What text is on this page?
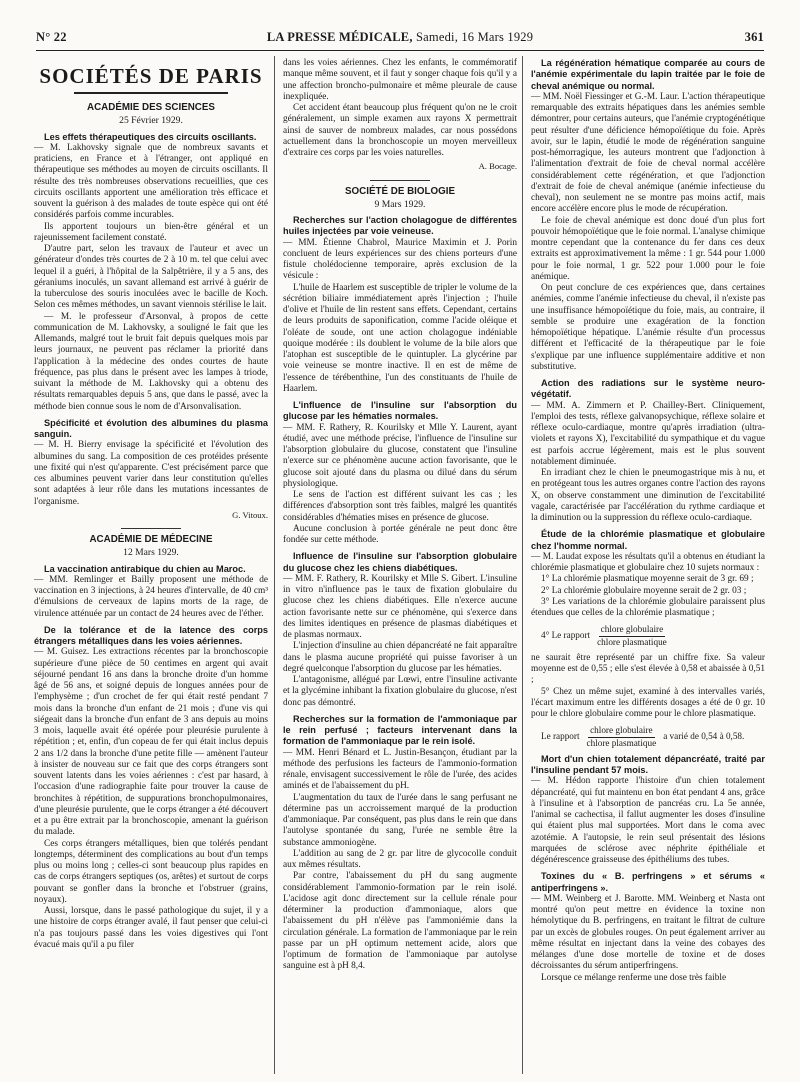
N° 22	LA PRESSE MÉDICALE, Samedi, 16 Mars 1929	361
SOCIÉTÉS DE PARIS
ACADÉMIE DES SCIENCES
25 Février 1929.
Les effets thérapeutiques des circuits oscillants.

— M. Lakhovsky signale que de nombreux savants et praticiens, en France et à l'étranger, ont appliqué en thérapeutique ses méthodes au moyen de circuits oscillants. Il résulte des très nombreuses observations recueillies, que ces circuits oscillants apportent une amélioration très efficace et souvent la guérison à des malades de toute espèce qui ont été considérés parfois comme incurables.

Ils apportent toujours un bien-être général et un rajeunissement facilement constaté.

D'autre part, selon les travaux de l'auteur et avec un générateur d'ondes très courtes de 2 à 10 m. tel que celui avec lequel il a guéri, à l'hôpital de la Salpêtrière, il y a 5 ans, des géraniums inoculés, un savant allemand est arrivé à guérir de la tuberculose des souris inoculées avec le bacille de Koch. Selon ces mêmes méthodes, un savant viennois stérilise le lait.

— M. le professeur d'Arsonval, à propos de cette communication de M. Lakhovsky, a souligné le fait que les Allemands, malgré tout le bruit fait depuis quelques mois par leurs journaux, ne peuvent pas réclamer la priorité dans l'application à la médecine des ondes courtes de haute fréquence, pas plus dans le présent avec les lampes à triode, suivant la méthode de M. Lakhovsky qui a obtenu des résultats remarquables depuis 5 ans, que dans le passé, avec la méthode bien connue sous le nom de d'Arsonvalisation.

Spécificité et évolution des albumines du plasma sanguin.

— M. H. Bierry envisage la spécificité et l'évolution des albumines du sang. La composition de ces protéides présente une fixité qui n'est qu'apparente. C'est précisément parce que ces albumines peuvent varier dans leur constitution qu'elles sont adaptées à leur rôle dans les mutations incessantes de l'organisme.

G. Vitoux.
ACADÉMIE DE MÉDECINE
12 Mars 1929.
La vaccination antirabique du chien au Maroc.

— MM. Remlinger et Bailly proposent une méthode de vaccination en 3 injections, à 24 heures d'intervalle, de 40 cm³ d'émulsions de cerveaux de lapins morts de la rage, de virulence atténuée par un contact de 24 heures avec de l'éther.

De la tolérance et de la latence des corps étrangers métalliques dans les voies aériennes.

— M. Guisez. Les extractions récentes par la bronchoscopie supérieure d'une pièce de 50 centimes en argent qui avait séjourné pendant 16 ans dans la bronche droite d'un homme âgé de 56 ans, et soigné depuis de longues années pour de l'emphysème ; d'un crochet de fer qui était resté pendant 7 mois dans la bronche d'un enfant de 21 mois ; d'une vis qui siégeait dans la bronche d'un enfant de 3 ans depuis au moins 3 mois, laquelle avait été opérée pour pleurésie purulente à répétition ; et, enfin, d'un copeau de fer qui était inclus depuis 2 ans 1/2 dans la bronche d'une petite fille — amènent l'auteur à insister de nouveau sur ce fait que des corps étrangers sont souvent latents dans les voies aériennes : c'est par hasard, à l'occasion d'une radiographie faite pour trouver la cause de bronchites à répétition, de suppurations bronchopulmonaires, d'une pleurésie purulente, que le corps étranger a été découvert et a pu être extrait par la bronchoscopie, amenant la guérison du malade.

Ces corps étrangers métalliques, bien que tolérés pendant longtemps, déterminent des complications au bout d'un temps plus ou moins long ; celles-ci sont beaucoup plus rapides en cas de corps étrangers septiques (os, arêtes) et surtout de corps pouvant se gonfler dans la bronche et l'obstruer (grains, noyaux).

Aussi, lorsque, dans le passé pathologique du sujet, il y a une histoire de corps étranger avalé, il faut penser que celui-ci n'a pas toujours passé dans les voies digestives qui l'ont évacué mais qu'il a pu filer

dans les voies aériennes. Chez les enfants, le commémoratif manque même souvent, et il faut y songer chaque fois qu'il y a une affection broncho-pulmonaire et même pleurale de cause inexpliquée.

Cet accident étant beaucoup plus fréquent qu'on ne le croit généralement, un simple examen aux rayons X permettrait ainsi de sauver de nombreux malades, car nous possédons actuellement dans la bronchoscopie un moyen merveilleux d'extraire ces corps par les voies naturelles.

A. Bocage.
SOCIÉTÉ DE BIOLOGIE
9 Mars 1929.
Recherches sur l'action cholagogue de différentes huiles injectées par voie veineuse.

— MM. Étienne Chabrol, Maurice Maximin et J. Porin concluent de leurs expériences sur des chiens porteurs d'une fistule cholédocienne temporaire, après exclusion de la vésicule :

L'huile de Haarlem est susceptible de tripler le volume de la sécrétion biliaire immédiatement après l'injection ; l'huile d'olive et l'huile de lin restent sans effets. Cependant, certains de leurs produits de saponification, comme l'acide oléique et l'oléate de soude, ont une action cholagogue indéniable quoique modérée : ils doublent le volume de la bile alors que l'atophan est susceptible de le quintupler. La glycérine par voie veineuse se montre inactive. Il en est de même de l'essence de térébenthine, l'un des constituants de l'huile de Haarlem.

L'influence de l'insuline sur l'absorption du glucose par les hématies normales.

— MM. F. Rathery, R. Kourilsky et Mlle Y. Laurent, ayant étudié, avec une méthode précise, l'influence de l'insuline sur l'absorption globulaire du glucose, constatent que l'insuline n'exerce sur ce phénomène aucune action favorisante, que le glucose soit ajouté dans du plasma ou dilué dans du sérum physiologique.

Le sens de l'action est différent suivant les cas ; les différences d'absorption sont très faibles, malgré les quantités considérables d'hématies mises en présence de glucose.

Aucune conclusion à portée générale ne peut donc être fondée sur cette méthode.

Influence de l'insuline sur l'absorption globulaire du glucose chez les chiens diabétiques.

— MM. F. Rathery, R. Kourilsky et Mlle S. Gibert. L'insuline in vitro n'influence pas le taux de fixation globulaire du glucose chez les chiens diabétiques. Elle n'exerce aucune action favorisante nette sur ce phénomène, qui s'exerce dans des limites identiques en présence de plasmas diabétiques et de plasmas normaux.

L'injection d'insuline au chien dépancréaté ne fait apparaître dans le plasma aucune propriété qui puisse favoriser à un degré quelconque l'absorption du glucose par les hématies.

L'antagonisme, allégué par Lœwi, entre l'insuline activante et la glycémine inhibant la fixation globulaire du glucose, n'est donc pas démontré.

Recherches sur la formation de l'ammoniaque par le rein perfusé ; facteurs intervenant dans la formation de l'ammoniaque par le rein isolé.

— MM. Henri Bénard et L. Justin-Besançon, étudiant par la méthode des perfusions les facteurs de l'ammonio-formation rénale, envisagent successivement le rôle de l'urée, des acides aminés et de l'abaissement du pH.

L'augmentation du taux de l'urée dans le sang perfusant ne détermine pas un accroissement marqué de la production d'ammoniaque. Par conséquent, pas plus dans le rein que dans l'autolyse spontanée du sang, l'urée ne semble être la substance ammoniogène.

L'addition au sang de 2 gr. par litre de glycocolle conduit aux mêmes résultats.

Par contre, l'abaissement du pH du sang augmente considérablement l'ammonio-formation par le rein isolé. L'acidose agit donc directement sur la cellule rénale pour déterminer la production d'ammoniaque, alors que l'abaissement du pH n'élève pas l'ammoniémie dans la circulation générale. La formation de l'ammoniaque par le rein passe par un pH optimum nettement acide, alors que l'optimum de formation de l'ammoniaque par autolyse sanguine est à pH 8,4.

La régénération hématique comparée au cours de l'anémie expérimentale du lapin traitée par le foie de cheval anémique ou normal.

— MM. Noël Fiessinger et G.-M. Laur. L'action thérapeutique remarquable des extraits hépatiques dans les anémies semble démontrer, pour certains auteurs, que l'anémie cryptogénétique peut résulter d'une déficience hémopoïétique du foie. Après avoir, sur le lapin, étudié le mode de régénération sanguine post-hémorragique, les auteurs montrent que l'adjonction à l'alimentation d'extrait de foie de cheval normal accélère considérablement cette régénération, et que l'adjonction d'extrait de foie de cheval anémique (anémie infectieuse du cheval), non seulement ne se montre pas moins actif, mais encore accélère encore plus le mode de récupération.

Le foie de cheval anémique est donc doué d'un plus fort pouvoir hémopoïétique que le foie normal. L'analyse chimique montre cependant que la contenance du fer dans ces deux extraits est approximativement la même : 1 gr. 544 pour 1.000 pour le foie normal, 1 gr. 522 pour 1.000 pour le foie anémique.

On peut conclure de ces expériences que, dans certaines anémies, comme l'anémie infectieuse du cheval, il n'existe pas une insuffisance hémopoïétique du foie, mais, au contraire, il semble se produire une exagération de la fonction hémopoïétique hépatique. L'anémie résulte d'un processus différent et l'efficacité de la thérapeutique par le foie s'explique par une influence supplémentaire additive et non substitutive.

Action des radiations sur le système neuro-végétatif.

— MM. A. Zimmern et P. Chailley-Bert. Cliniquement, l'emploi des tests, réflexe galvanopsychique, réflexe solaire et réflexe oculo-cardiaque, montre qu'après irradiation (ultra-violets et rayons X), l'excitabilité du sympathique et du vague est parfois accrue légèrement, mais est le plus souvent notablement diminuée.

En irradiant chez le chien le pneumogastrique mis à nu, et en protégeant tous les autres organes contre l'action des rayons X, on observe constamment une diminution de l'excitabilité vagale, caractérisée par l'accélération du rythme cardiaque et la diminution ou la suppression du réflexe oculo-cardiaque.

Étude de la chlorémie plasmatique et globulaire chez l'homme normal.

— M. Laudat expose les résultats qu'il a obtenus en étudiant la chlorémie plasmatique et globulaire chez 10 sujets normaux :

1° La chlorémie plasmatique moyenne serait de 3 gr. 69 ;

2° La chlorémie globulaire moyenne serait de 2 gr. 03 ;

3° Les variations de la chlorémie globulaire paraissent plus étendues que celles de la chlorémie plasmatique ;

4° Le rapport $\frac{\text{chlore globulaire}}{\text{chlore plasmatique}}$

ne saurait être représenté par un chiffre fixe. Sa valeur moyenne est de 0,55 ; elle s'est élevée à 0,58 et abaissée à 0,51 ;

5° Chez un même sujet, examiné à des intervalles variés, l'écart maximum entre les différents dosages a été de 0 gr. 10 pour le chlore globulaire comme pour le chlore plasmatique.

Le rapport $\frac{\text{chlore globulaire}}{\text{chlore plasmatique}}$ a varié de 0,54 à 0,58.
Mort d'un chien totalement dépancréaté, traité par l'insuline pendant 57 mois.

— M. Hédon rapporte l'histoire d'un chien totalement dépancréaté, qui fut maintenu en bon état pendant 4 ans, grâce à l'insuline et à l'absorption de pancréas cru. La 5e année, l'animal se cachectisa, il fallut augmenter les doses d'insuline qui étaient plus mal supportées. Mort dans le coma avec azotémie. A l'autopsie, le rein seul présentait des lésions marquées de sclérose avec néphrite épithéliale et dégénérescence graisseuse des épithéliums des tubes.

Toxines du « B. perfringens » et sérums « antiperfringens ».

— MM. Weinberg et J. Barotte. MM. Weinberg et Nasta ont montré qu'on peut mettre en évidence la toxine non hémolytique du B. perfringens, en traitant le filtrat de culture par un excès de globules rouges. On peut également arriver au même résultat en injectant dans la veine des cobayes des mélanges d'une dose mortelle de toxine et de doses décroissantes du sérum antiperfringens.

Lorsque ce mélange renferme une dose très faible
